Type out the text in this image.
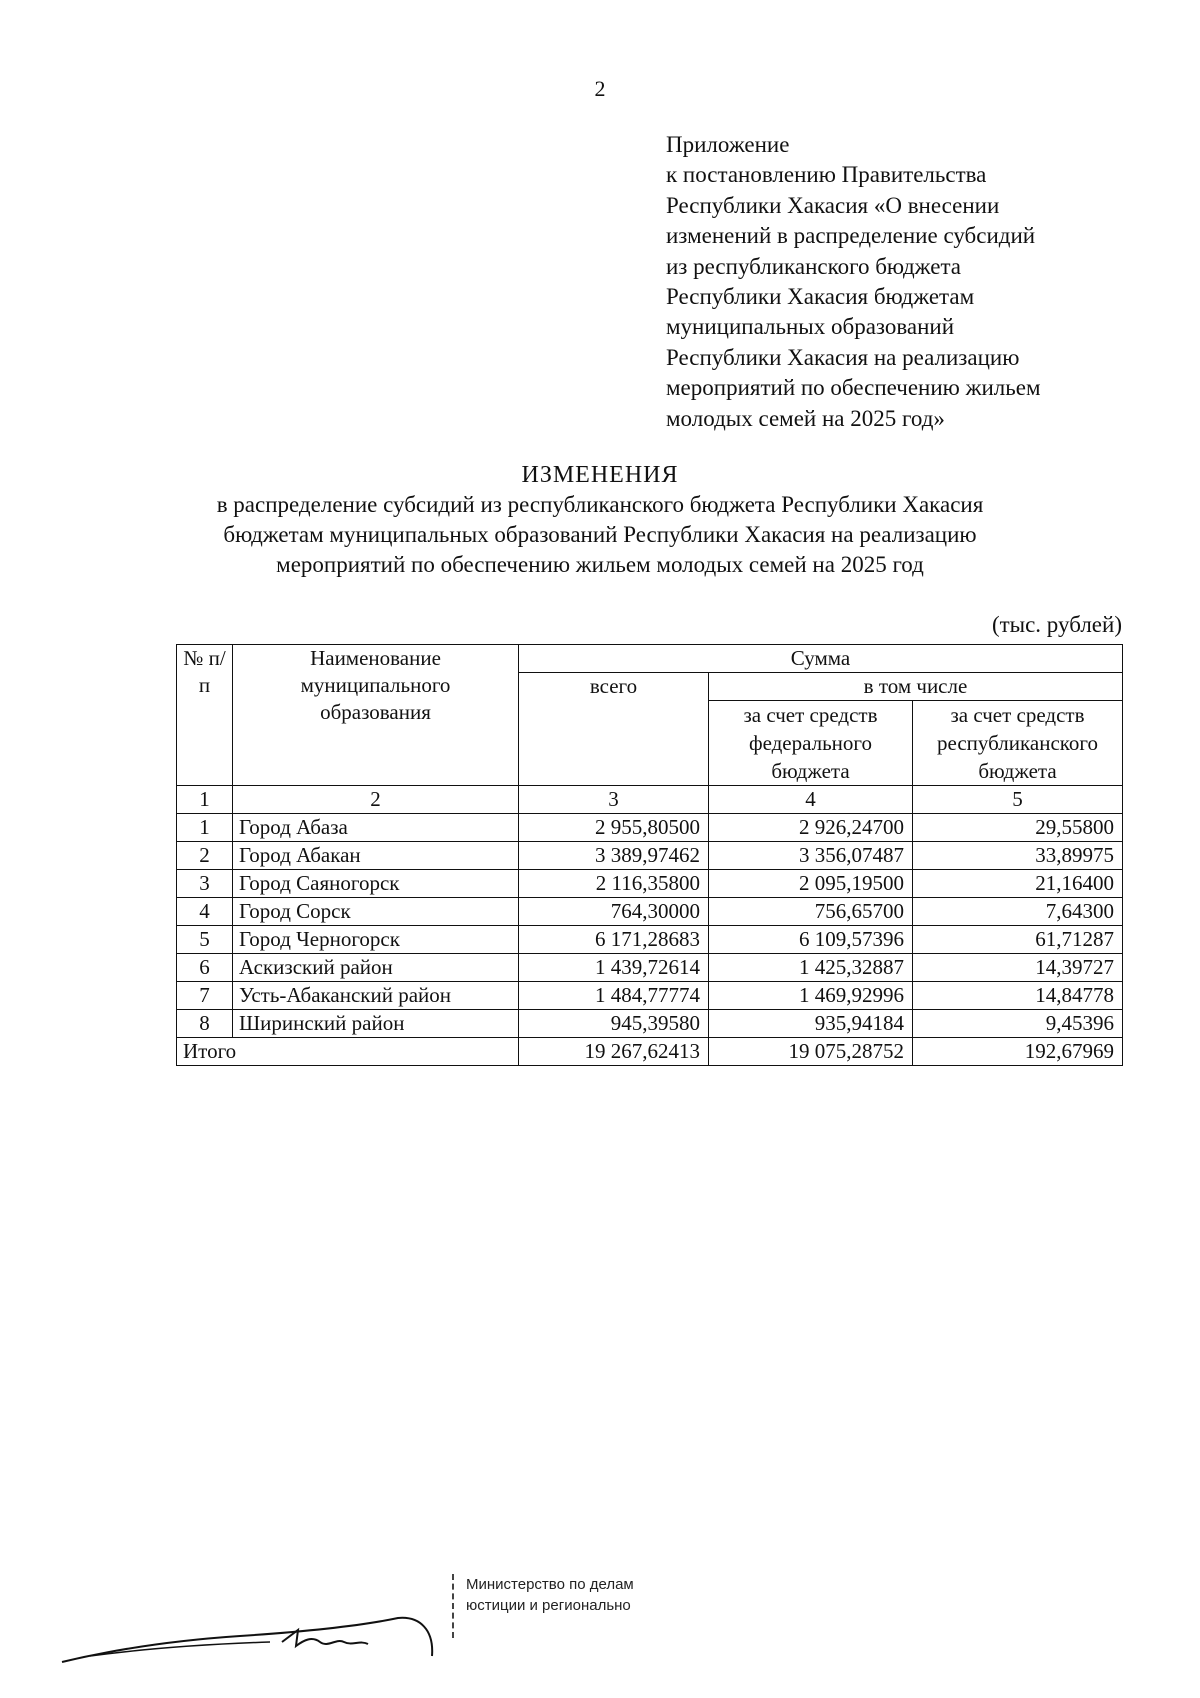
2
Приложение
к постановлению Правительства
Республики Хакасия «О внесении
изменений в распределение субсидий
из республиканского бюджета
Республики Хакасия бюджетам
муниципальных образований
Республики Хакасия на реализацию
мероприятий по обеспечению жильем
молодых семей на 2025 год»
ИЗМЕНЕНИЯ
в распределение субсидий из республиканского бюджета Республики Хакасия
бюджетам муниципальных образований Республики Хакасия на реализацию
мероприятий по обеспечению жильем молодых семей на 2025 год
(тыс. рублей)
№ п/п	Наименование муниципального образования	Сумма		
		всего	в том числе	
			за счет средств федерального бюджета	за счет средств республиканского бюджета
1	2	3	4	5
1	Город Абаза	2 955,80500	2 926,24700	29,55800
2	Город Абакан	3 389,97462	3 356,07487	33,89975
3	Город Саяногорск	2 116,35800	2 095,19500	21,16400
4	Город Сорск	764,30000	756,65700	7,64300
5	Город Черногорск	6 171,28683	6 109,57396	61,71287
6	Аскизский район	1 439,72614	1 425,32887	14,39727
7	Усть-Абаканский район	1 484,77774	1 469,92996	14,84778
8	Ширинский район	945,39580	935,94184	9,45396
Итого		19 267,62413	19 075,28752	192,67969
Министерство по делам
юстиции и регионально
